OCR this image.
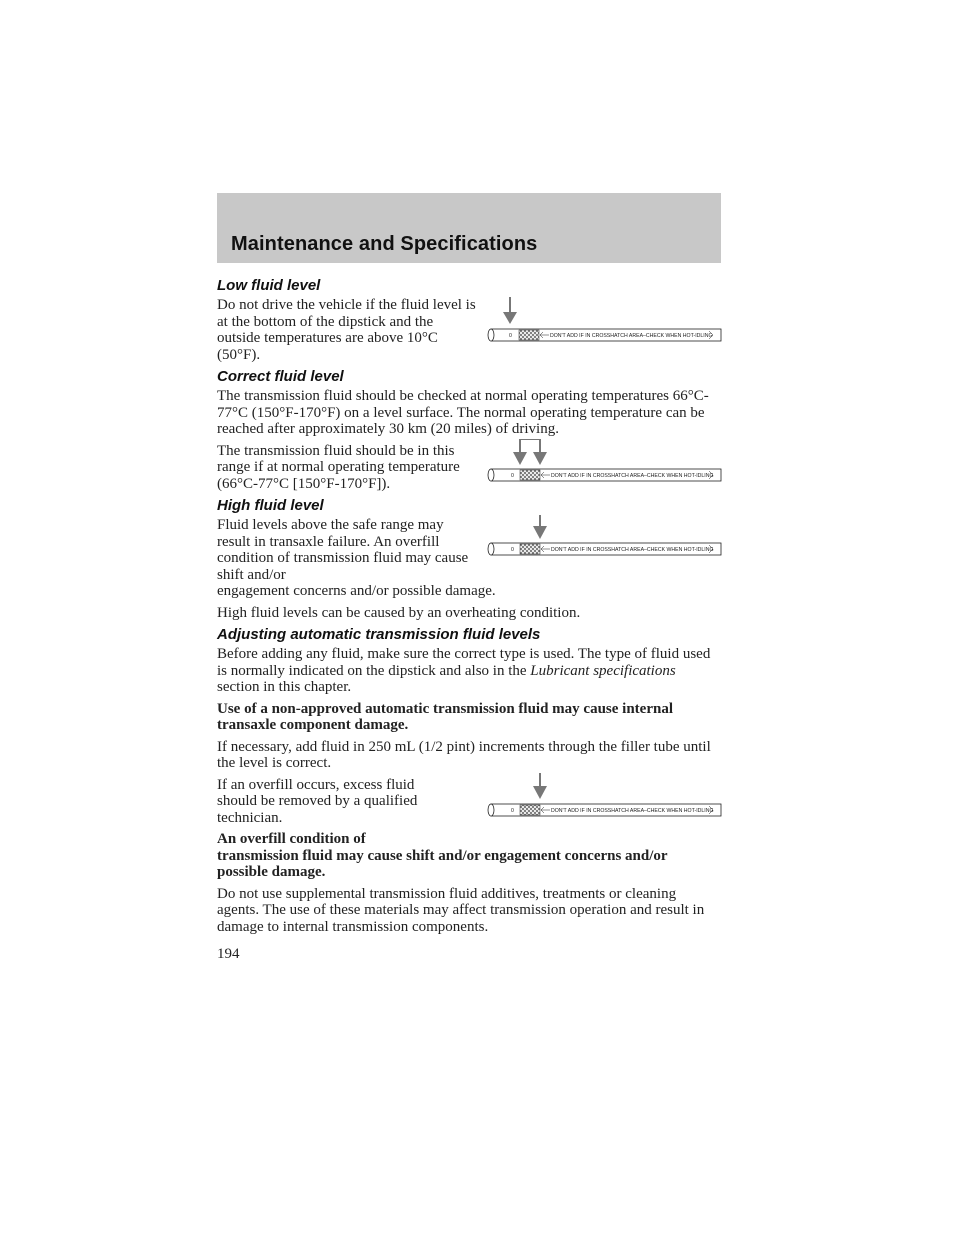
Maintenance and Specifications
Low fluid level

Do not drive the vehicle if the fluid level is at the bottom of the dipstick and the outside temperatures are above 10°C (50°F).

0	DON'T ADD IF IN CROSSHATCH AREA–CHECK WHEN HOT-IDLING
Correct fluid level

The transmission fluid should be checked at normal operating temperatures 66°C-77°C (150°F-170°F) on a level surface. The normal operating temperature can be reached after approximately 30 km (20 miles) of driving.

The transmission fluid should be in this range if at normal operating temperature (66°C-77°C [150°F-170°F]).	0	DON'T ADD IF IN CROSSHATCH AREA–CHECK WHEN HOT-IDLING
High fluid level

Fluid levels above the safe range may result in transaxle failure. An overfill condition of transmission fluid may cause shift and/or

0	DON'T ADD IF IN CROSSHATCH AREA–CHECK WHEN HOT-IDLING

engagement concerns and/or possible damage.

High fluid levels can be caused by an overheating condition.

Adjusting automatic transmission fluid levels

Before adding any fluid, make sure the correct type is used. The type of fluid used is normally indicated on the dipstick and also in the Lubricant specifications section in this chapter.

Use of a non-approved automatic transmission fluid may cause internal transaxle component damage.

If necessary, add fluid in 250 mL (1/2 pint) increments through the filler tube until the level is correct.

If an overfill occurs, excess fluid should be removed by a qualified technician.	0	DON'T ADD IF IN CROSSHATCH AREA–CHECK WHEN HOT-IDLING

An overfill condition of
transmission fluid may cause shift and/or engagement concerns and/or possible damage.

Do not use supplemental transmission fluid additives, treatments or cleaning agents. The use of these materials may affect transmission operation and result in damage to internal transmission components.

194
